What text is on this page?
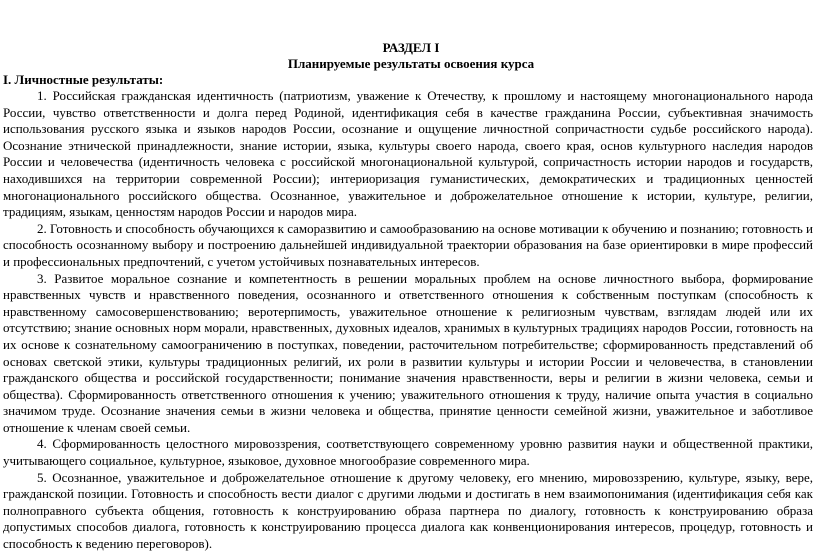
РАЗДЕЛ I

Планируемые результаты освоения курса

I. Личностные результаты:

1. Российская гражданская идентичность (патриотизм, уважение к Отечеству, к прошлому и настоящему многонационального народа России, чувство ответственности и долга перед Родиной, идентификация себя в качестве гражданина России, субъективная значимость использования русского языка и языков народов России, осознание и ощущение личностной сопричастности судьбе российского народа). Осознание этнической принадлежности, знание истории, языка, культуры своего народа, своего края, основ культурного наследия народов России и человечества (идентичность человека с российской многонациональной культурой, сопричастность истории народов и государств, находившихся на территории современной России); интериоризация гуманистических, демократических и традиционных ценностей многонационального российского общества. Осознанное, уважительное и доброжелательное отношение к истории, культуре, религии, традициям, языкам, ценностям народов России и народов мира.

2. Готовность и способность обучающихся к саморазвитию и самообразованию на основе мотивации к обучению и познанию; готовность и способность осознанному выбору и построению дальнейшей индивидуальной траектории образования на базе ориентировки в мире профессий и профессиональных предпочтений, с учетом устойчивых познавательных интересов.

3. Развитое моральное сознание и компетентность в решении моральных проблем на основе личностного выбора, формирование нравственных чувств и нравственного поведения, осознанного и ответственного отношения к собственным поступкам (способность к нравственному самосовершенствованию; веротерпимость, уважительное отношение к религиозным чувствам, взглядам людей или их отсутствию; знание основных норм морали, нравственных, духовных идеалов, хранимых в культурных традициях народов России, готовность на их основе к сознательному самоограничению в поступках, поведении, расточительном потребительстве; сформированность представлений об основах светской этики, культуры традиционных религий, их роли в развитии культуры и истории России и человечества, в становлении гражданского общества и российской государственности; понимание значения нравственности, веры и религии в жизни человека, семьи и общества). Сформированность ответственного отношения к учению; уважительного отношения к труду, наличие опыта участия в социально значимом труде. Осознание значения семьи в жизни человека и общества, принятие ценности семейной жизни, уважительное и заботливое отношение к членам своей семьи.

4. Сформированность целостного мировоззрения, соответствующего современному уровню развития науки и общественной практики, учитывающего социальное, культурное, языковое, духовное многообразие современного мира.

5. Осознанное, уважительное и доброжелательное отношение к другому человеку, его мнению, мировоззрению, культуре, языку, вере, гражданской позиции. Готовность и способность вести диалог с другими людьми и достигать в нем взаимопонимания (идентификация себя как полноправного субъекта общения, готовность к конструированию образа партнера по диалогу, готовность к конструированию образа допустимых способов диалога, готовность к конструированию процесса диалога как конвенционирования интересов, процедур, готовность и способность к ведению переговоров).
